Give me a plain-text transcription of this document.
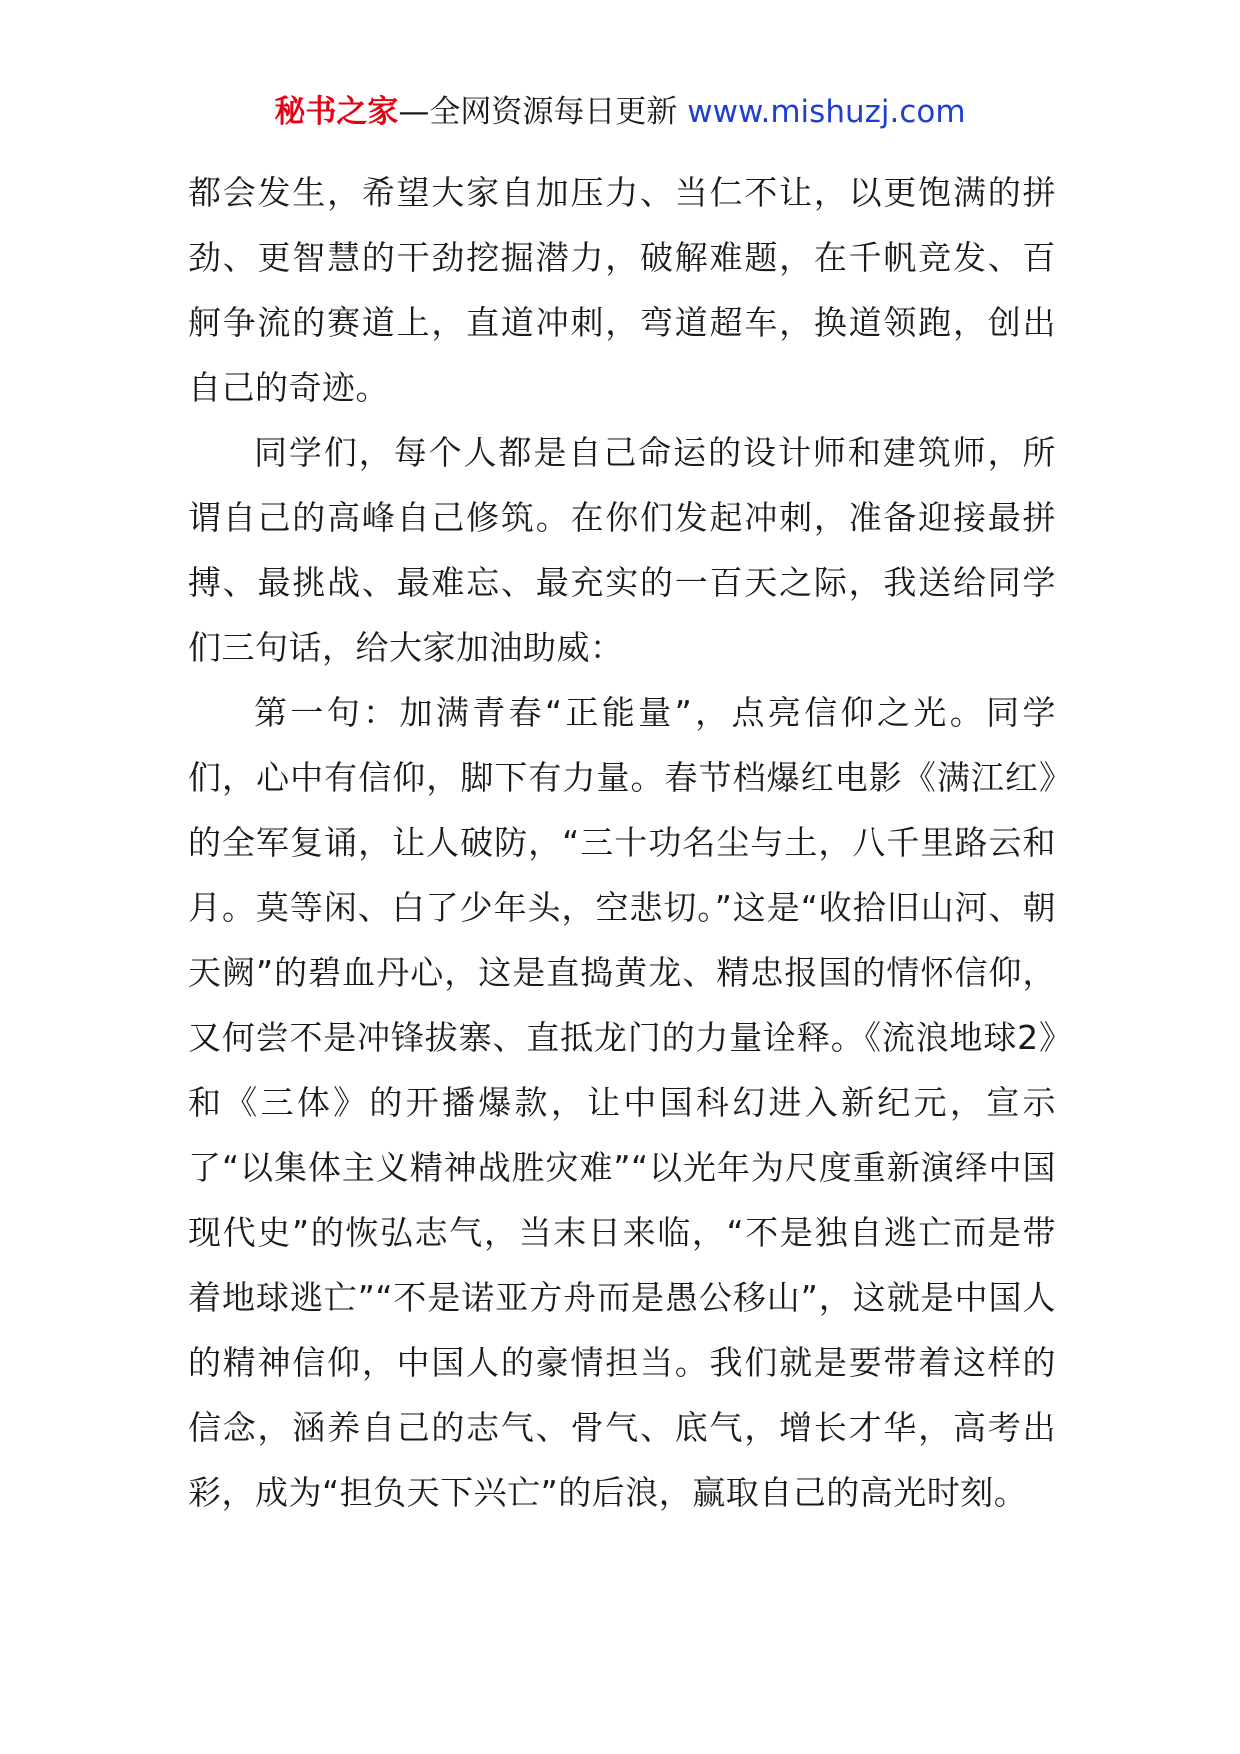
秘书之家—全网资源每日更新 www.mishuzj.com

都会发生，希望大家自加压力、当仁不让，以更饱满的拼劲、更智慧的干劲挖掘潜力，破解难题，在千帆竞发、百舸争流的赛道上，直道冲刺，弯道超车，换道领跑，创出自己的奇迹。

同学们，每个人都是自己命运的设计师和建筑师，所谓自己的高峰自己修筑。在你们发起冲刺，准备迎接最拼搏、最挑战、最难忘、最充实的一百天之际，我送给同学们三句话，给大家加油助威：

第一句：加满青春“正能量”，点亮信仰之光。同学们，心中有信仰，脚下有力量。春节档爆红电影《满江红》的全军复诵，让人破防，“三十功名尘与土，八千里路云和月。莫等闲、白了少年头，空悲切。”这是“收拾旧山河、朝天阙”的碧血丹心，这是直捣黄龙、精忠报国的情怀信仰，又何尝不是冲锋拔寨、直抵龙门的力量诠释。《流浪地球2》和《三体》的开播爆款，让中国科幻进入新纪元，宣示了“以集体主义精神战胜灾难”“以光年为尺度重新演绎中国现代史”的恢弘志气，当末日来临，“不是独自逃亡而是带着地球逃亡”“不是诺亚方舟而是愚公移山”，这就是中国人的精神信仰，中国人的豪情担当。我们就是要带着这样的信念，涵养自己的志气、骨气、底气，增长才华，高考出彩，成为“担负天下兴亡”的后浪，赢取自己的高光时刻。
